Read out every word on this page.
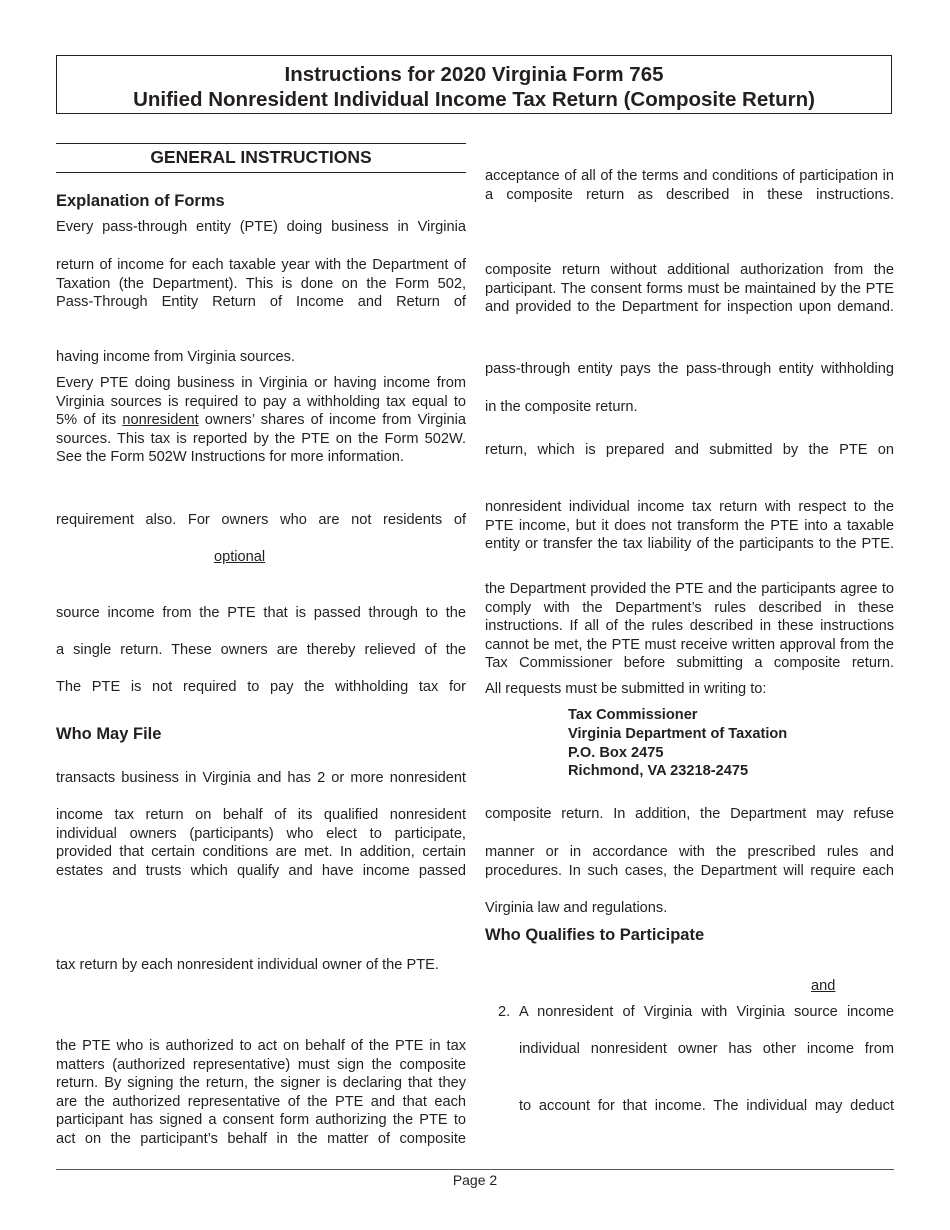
Instructions for 2020 Virginia Form 765
Unified Nonresident Individual Income Tax Return (Composite Return)
GENERAL INSTRUCTIONS

Explanation of Forms

Every pass-through entity (PTE) doing business in Virginia

return of income for each taxable year with the Department of Taxation (the Department). This is done on the Form 502, Pass-Through Entity Return of Income and Return of

having income from Virginia sources.

Every PTE doing business in Virginia or having income from Virginia sources is required to pay a withholding tax equal to 5% of its nonresident owners’ shares of income from Virginia sources. This tax is reported by the PTE on the Form 502W. See the Form 502W Instructions for more information.

requirement also. For owners who are not residents of

optional

source income from the PTE that is passed through to the

a single return. These owners are thereby relieved of the

The PTE is not required to pay the withholding tax for

Who May File

transacts business in Virginia and has 2 or more nonresident

income tax return on behalf of its qualified nonresident individual owners (participants) who elect to participate, provided that certain conditions are met. In addition, certain estates and trusts which qualify and have income passed

tax return by each nonresident individual owner of the PTE.

the PTE who is authorized to act on behalf of the PTE in tax matters (authorized representative) must sign the composite return. By signing the return, the signer is declaring that they are the authorized representative of the PTE and that each participant has signed a consent form authorizing the PTE to act on the participant’s behalf in the matter of composite

acceptance of all of the terms and conditions of participation in a composite return as described in these instructions.

composite return without additional authorization from the participant. The consent forms must be maintained by the PTE and provided to the Department for inspection upon demand.

pass-through entity pays the pass-through entity withholding

in the composite return.

return, which is prepared and submitted by the PTE on

nonresident individual income tax return with respect to the PTE income, but it does not transform the PTE into a taxable entity or transfer the tax liability of the participants to the PTE.

the Department provided the PTE and the participants agree to comply with the Department’s rules described in these instructions. If all of the rules described in these instructions cannot be met, the PTE must receive written approval from the Tax Commissioner before submitting a composite return.

All requests must be submitted in writing to:

Tax Commissioner
Virginia Department of Taxation
P.O. Box 2475
Richmond, VA 23218-2475

composite return. In addition, the Department may refuse

manner or in accordance with the prescribed rules and procedures. In such cases, the Department will require each

Virginia law and regulations.

Who Qualifies to Participate

and

2. A nonresident of Virginia with Virginia source income

individual nonresident owner has other income from

to account for that income. The individual may deduct

Page 2
